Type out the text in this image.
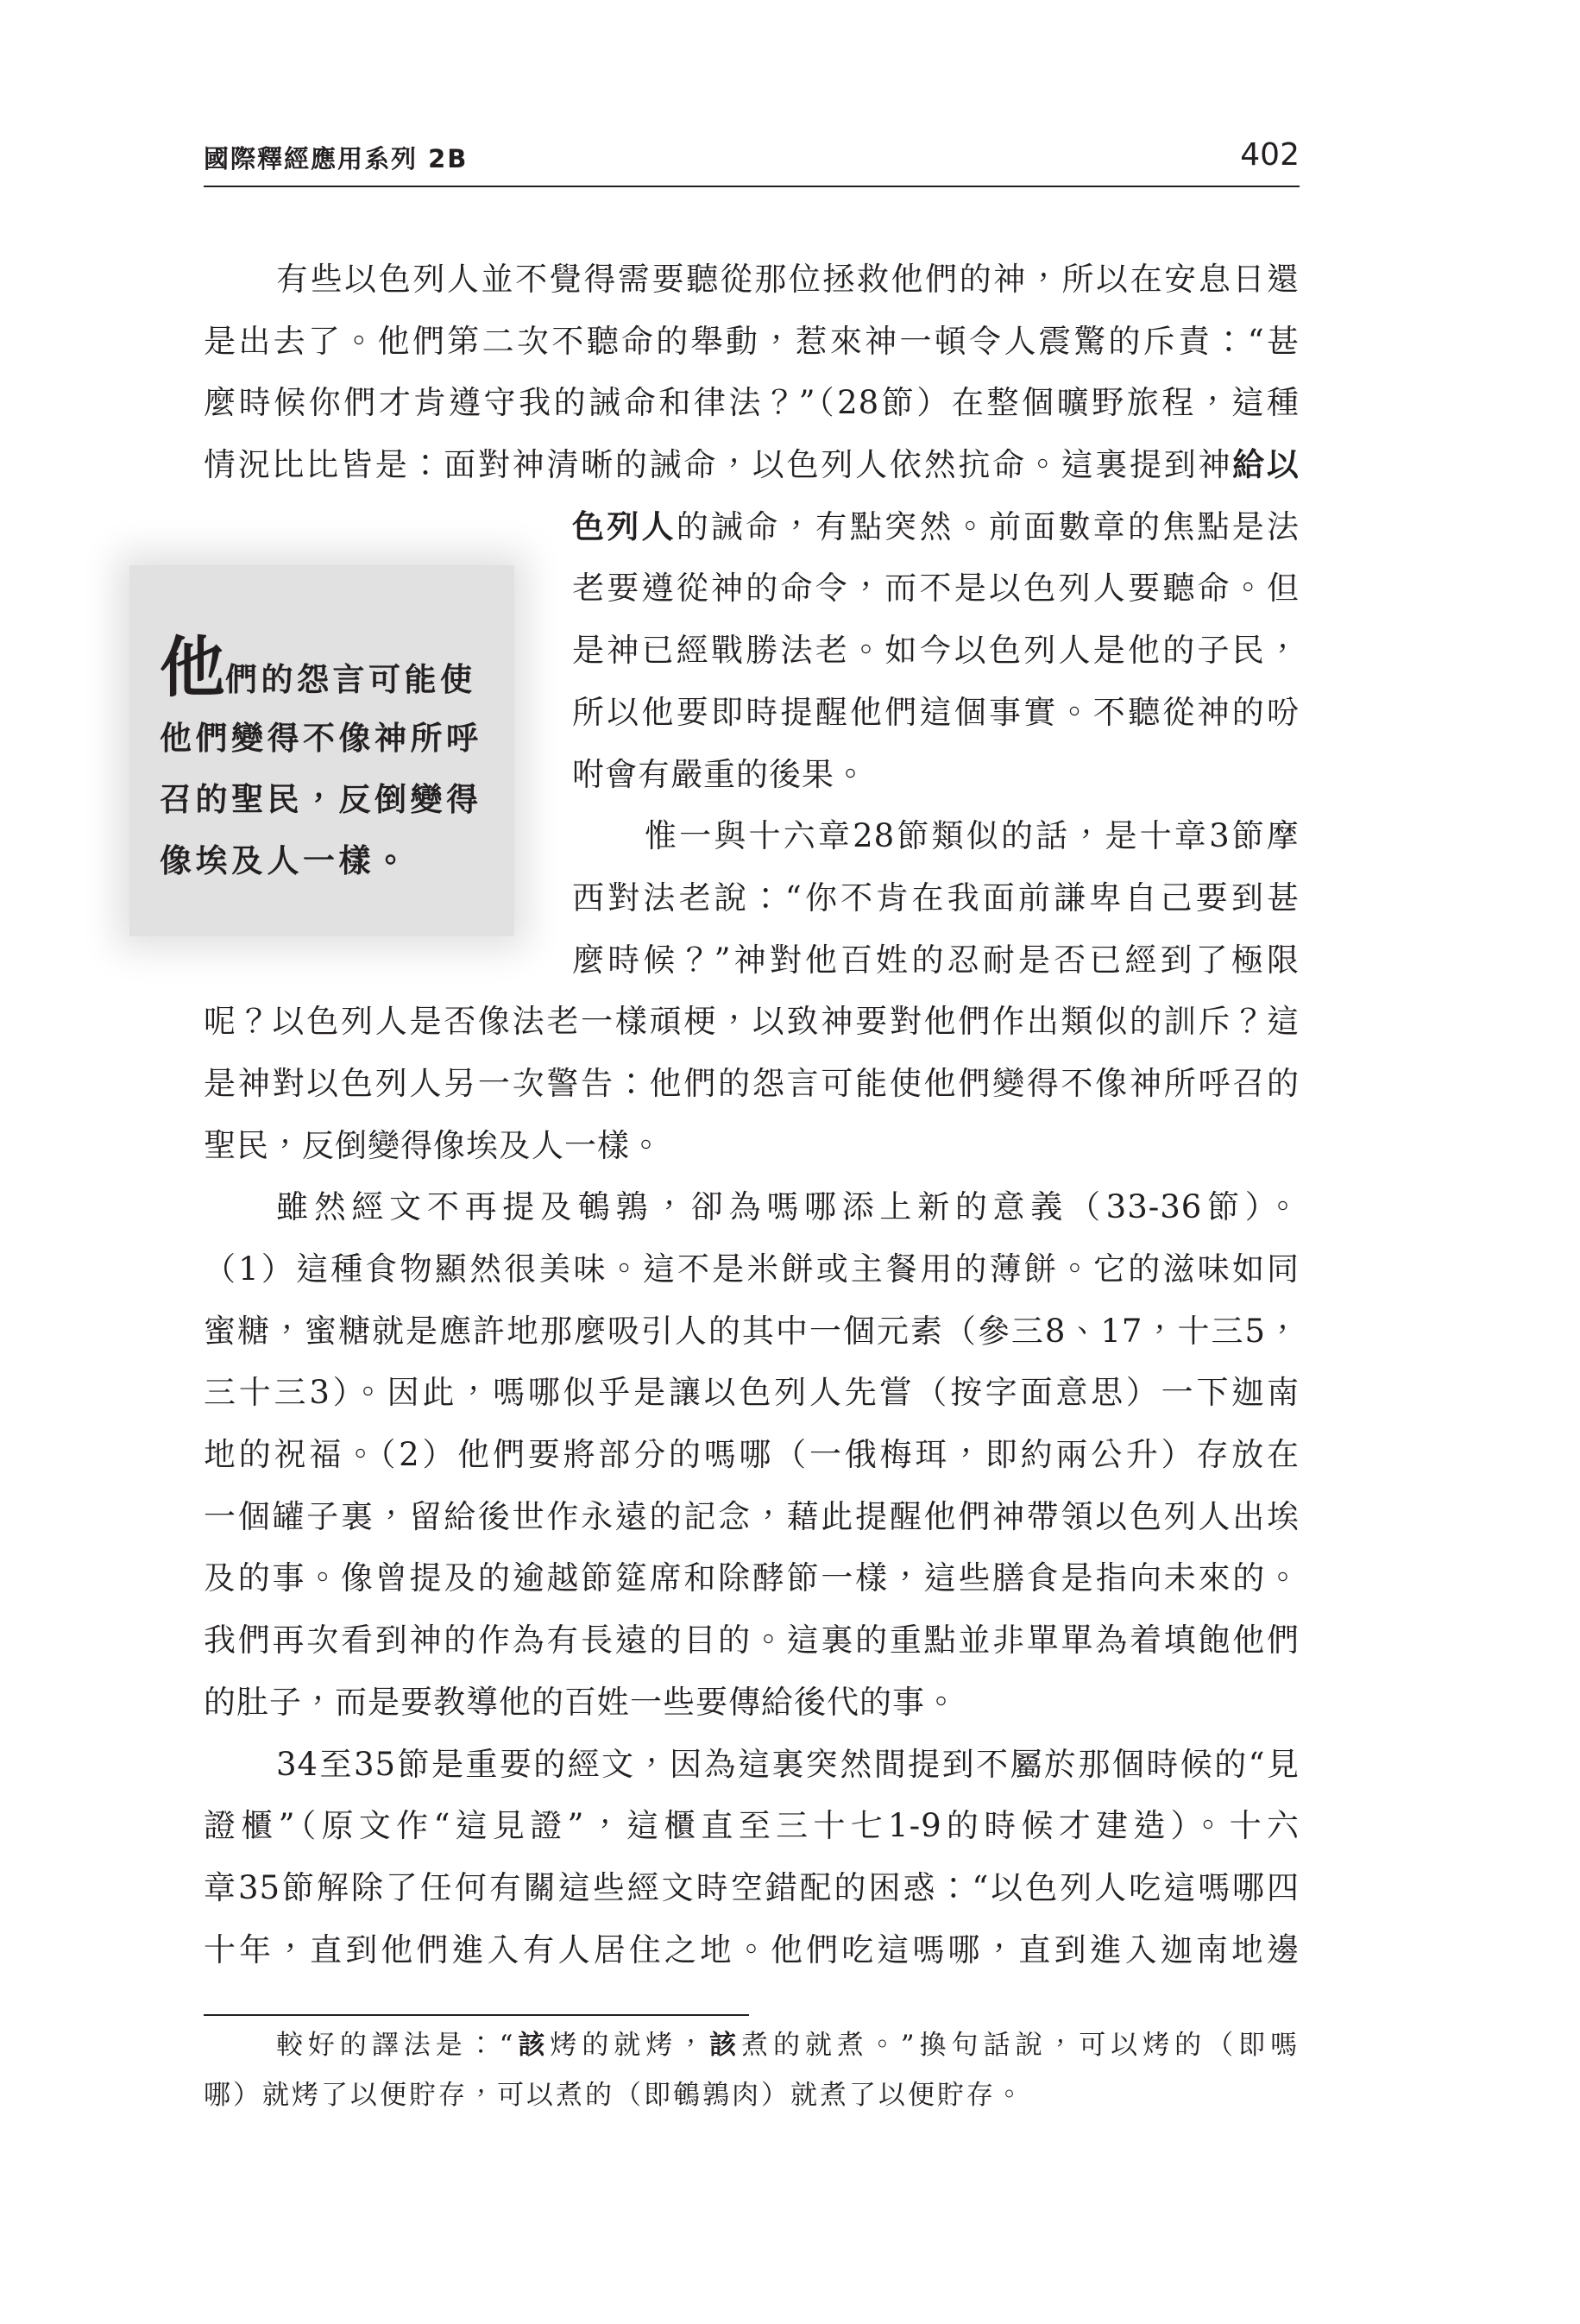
國際釋經應用系列 2B	402
他們的怨言可能使
他們變得不像神所呼
召的聖民，反倒變得
像埃及人一樣。
有些以色列人並不覺得需要聽從那位拯救他們的神，所以在安息日還
是出去了。他們第二次不聽命的舉動，惹來神一頓令人震驚的斥責：“甚
麼時候你們才肯遵守我的誡命和律法？”（28節）在整個曠野旅程，這種
情況比比皆是：面對神清晰的誡命，以色列人依然抗命。這裏提到神給以
色列人的誡命，有點突然。前面數章的焦點是法
老要遵從神的命令，而不是以色列人要聽命。但
是神已經戰勝法老。如今以色列人是他的子民，
所以他要即時提醒他們這個事實。不聽從神的吩
咐會有嚴重的後果。
惟一與十六章28節類似的話，是十章3節摩
西對法老說：“你不肯在我面前謙卑自己要到甚
麼時候？”神對他百姓的忍耐是否已經到了極限
呢？以色列人是否像法老一樣頑梗，以致神要對他們作出類似的訓斥？這
是神對以色列人另一次警告：他們的怨言可能使他們變得不像神所呼召的
聖民，反倒變得像埃及人一樣。
雖然經文不再提及鵪鶉，卻為嗎哪添上新的意義（33-36節）。
（1）這種食物顯然很美味。這不是米餅或主餐用的薄餅。它的滋味如同
蜜糖，蜜糖就是應許地那麼吸引人的其中一個元素（參三8、17，十三5，
三十三3）。因此，嗎哪似乎是讓以色列人先嘗（按字面意思）一下迦南
地的祝福。（2）他們要將部分的嗎哪（一俄梅珥，即約兩公升）存放在
一個罐子裏，留給後世作永遠的記念，藉此提醒他們神帶領以色列人出埃
及的事。像曾提及的逾越節筵席和除酵節一樣，這些膳食是指向未來的。
我們再次看到神的作為有長遠的目的。這裏的重點並非單單為着填飽他們
的肚子，而是要教導他的百姓一些要傳給後代的事。
34至35節是重要的經文，因為這裏突然間提到不屬於那個時候的“見
證櫃”（原文作“這見證”，這櫃直至三十七1-9的時候才建造）。十六
章35節解除了任何有關這些經文時空錯配的困惑：“以色列人吃這嗎哪四
十年，直到他們進入有人居住之地。他們吃這嗎哪，直到進入迦南地邊
較好的譯法是：“該烤的就烤，該煮的就煮。”換句話說，可以烤的（即嗎
哪）就烤了以便貯存，可以煮的（即鵪鶉肉）就煮了以便貯存。
